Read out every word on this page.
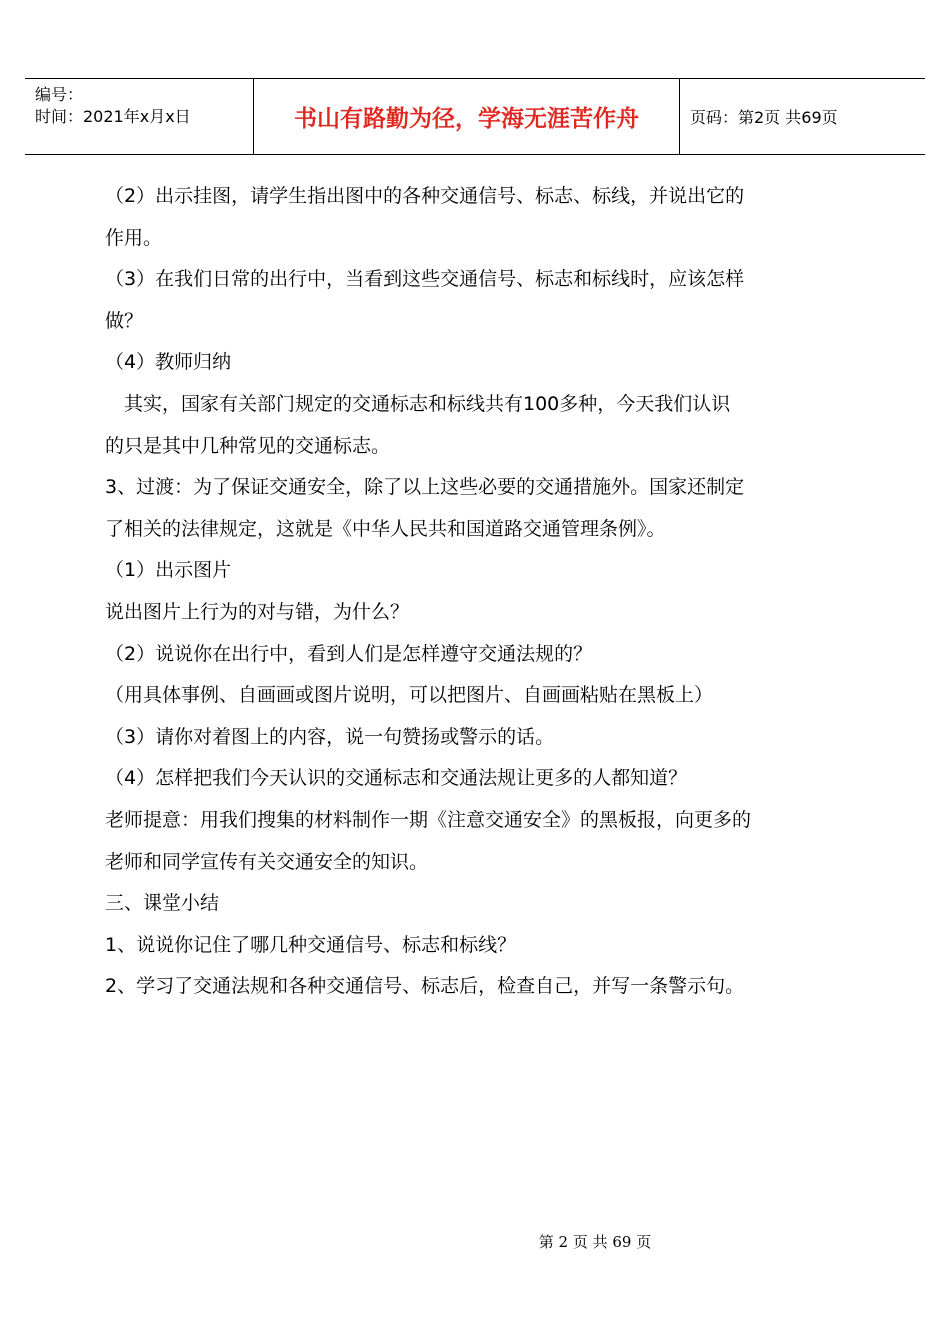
编号：
时间：2021年x月x日	书山有路勤为径，学海无涯苦作舟	页码：第2页 共69页

（2）出示挂图，请学生指出图中的各种交通信号、标志、标线，并说出它的

作用。

（3）在我们日常的出行中，当看到这些交通信号、标志和标线时，应该怎样

做？

（4）教师归纳

　其实，国家有关部门规定的交通标志和标线共有100多种，今天我们认识

的只是其中几种常见的交通标志。

3、过渡：为了保证交通安全，除了以上这些必要的交通措施外。国家还制定

了相关的法律规定，这就是《中华人民共和国道路交通管理条例》。

（1）出示图片

说出图片上行为的对与错，为什么？

（2）说说你在出行中，看到人们是怎样遵守交通法规的？

（用具体事例、自画画或图片说明，可以把图片、自画画粘贴在黑板上）

（3）请你对着图上的内容，说一句赞扬或警示的话。

（4）怎样把我们今天认识的交通标志和交通法规让更多的人都知道？

老师提意：用我们搜集的材料制作一期《注意交通安全》的黑板报，向更多的

老师和同学宣传有关交通安全的知识。

三、课堂小结

1、说说你记住了哪几种交通信号、标志和标线？

2、学习了交通法规和各种交通信号、标志后，检查自己，并写一条警示句。

第 2 页 共 69 页
